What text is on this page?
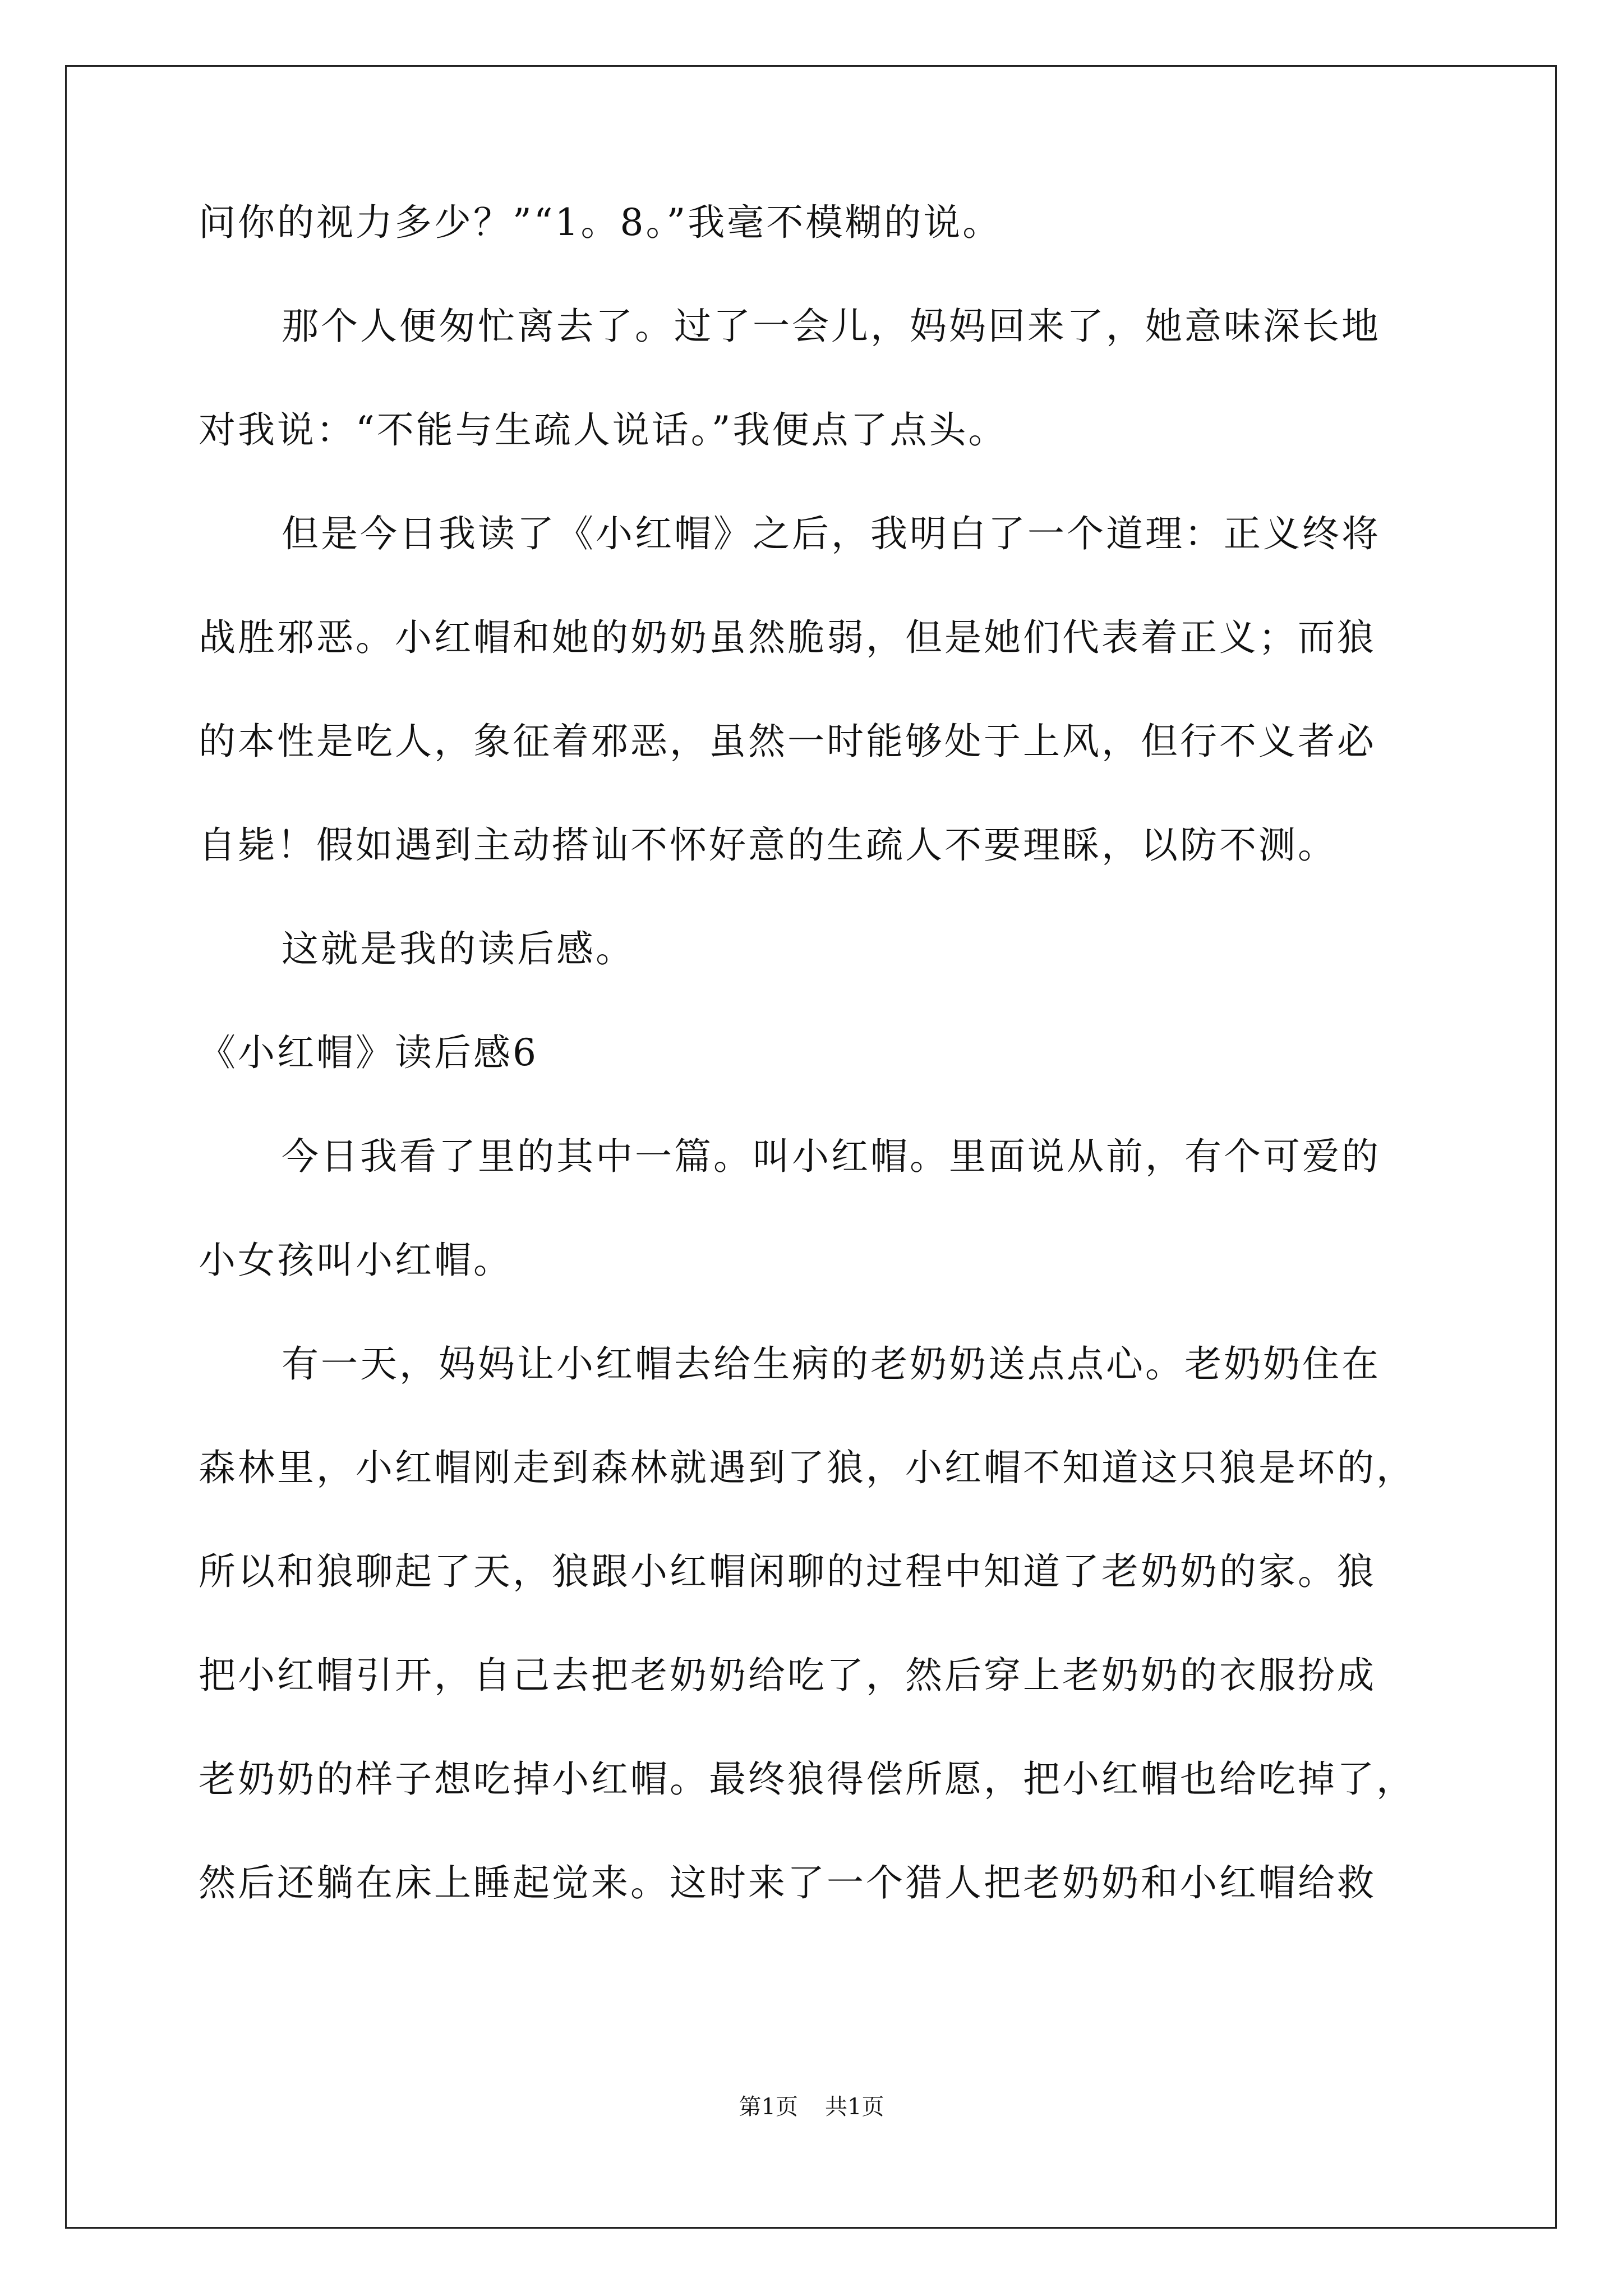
问你的视力多少？”“1。8。”我毫不模糊的说。
那个人便匆忙离去了。过了一会儿，妈妈回来了，她意味深长地
对我说：“不能与生疏人说话。”我便点了点头。
但是今日我读了《小红帽》之后，我明白了一个道理：正义终将
战胜邪恶。小红帽和她的奶奶虽然脆弱，但是她们代表着正义；而狼
的本性是吃人，象征着邪恶，虽然一时能够处于上风，但行不义者必
自毙！假如遇到主动搭讪不怀好意的生疏人不要理睬，以防不测。
这就是我的读后感。
《小红帽》读后感6
今日我看了里的其中一篇。叫小红帽。里面说从前，有个可爱的
小女孩叫小红帽。
有一天，妈妈让小红帽去给生病的老奶奶送点点心。老奶奶住在
森林里，小红帽刚走到森林就遇到了狼，小红帽不知道这只狼是坏的，
所以和狼聊起了天，狼跟小红帽闲聊的过程中知道了老奶奶的家。狼
把小红帽引开，自己去把老奶奶给吃了，然后穿上老奶奶的衣服扮成
老奶奶的样子想吃掉小红帽。最终狼得偿所愿，把小红帽也给吃掉了，
然后还躺在床上睡起觉来。这时来了一个猎人把老奶奶和小红帽给救
第1页 共1页
